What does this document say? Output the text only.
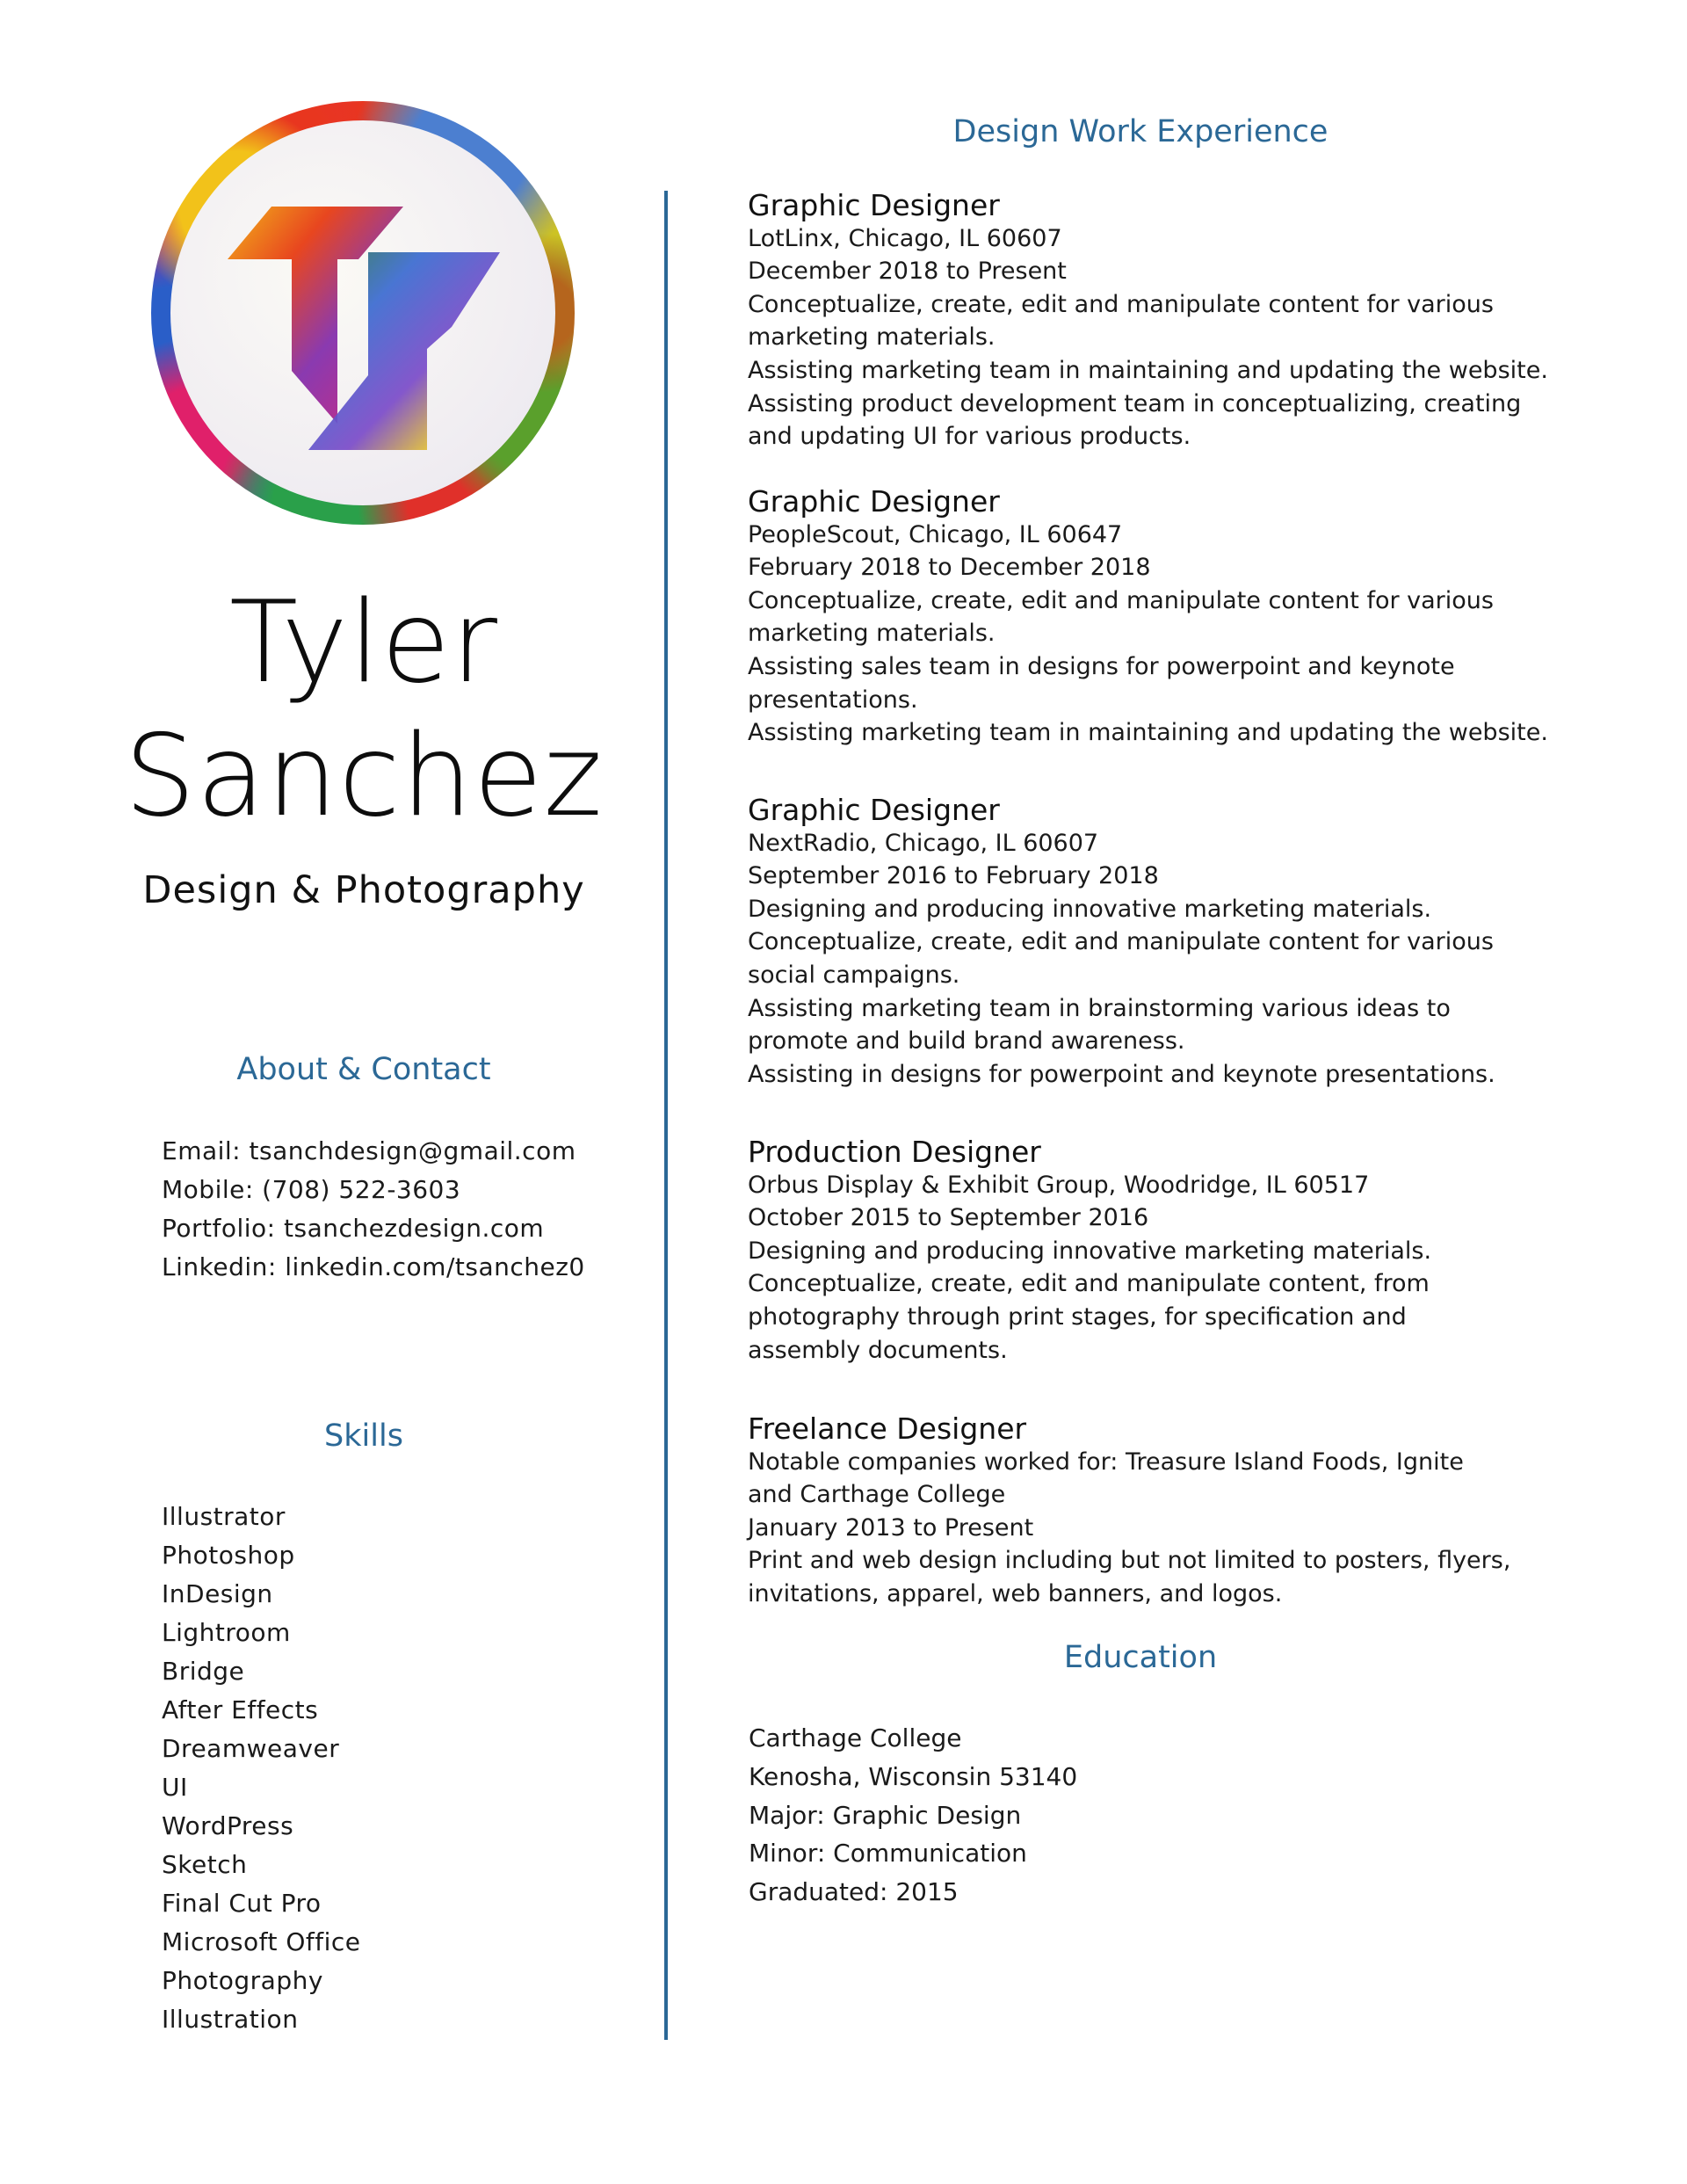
Tyler
Sanchez
Design & Photography
About & Contact
Email: tsanchdesign@gmail.com
Mobile: (708) 522-3603
Portfolio: tsanchezdesign.com
Linkedin: linkedin.com/tsanchez0
Skills
Illustrator
Photoshop
InDesign
Lightroom
Bridge
After Effects
Dreamweaver
UI
WordPress
Sketch
Final Cut Pro
Microsoft Office
Photography
Illustration
Design Work Experience
Graphic Designer
LotLinx, Chicago, IL 60607
December 2018 to Present
Conceptualize, create, edit and manipulate content for various
marketing materials.
Assisting marketing team in maintaining and updating the website.
Assisting product development team in conceptualizing, creating
and updating UI for various products.
Graphic Designer
PeopleScout, Chicago, IL 60647
February 2018 to December 2018
Conceptualize, create, edit and manipulate content for various
marketing materials.
Assisting sales team in designs for powerpoint and keynote
presentations.
Assisting marketing team in maintaining and updating the website.
Graphic Designer
NextRadio, Chicago, IL 60607
September 2016 to February 2018
Designing and producing innovative marketing materials.
Conceptualize, create, edit and manipulate content for various
social campaigns.
Assisting marketing team in brainstorming various ideas to
promote and build brand awareness.
Assisting in designs for powerpoint and keynote presentations.
Production Designer
Orbus Display & Exhibit Group, Woodridge, IL 60517
October 2015 to September 2016
Designing and producing innovative marketing materials.
Conceptualize, create, edit and manipulate content, from
photography through print stages, for specification and
assembly documents.
Freelance Designer
Notable companies worked for: Treasure Island Foods, Ignite
and Carthage College
January 2013 to Present
Print and web design including but not limited to posters, flyers,
invitations, apparel, web banners, and logos.
Education
Carthage College
Kenosha, Wisconsin 53140
Major: Graphic Design
Minor: Communication
Graduated: 2015
